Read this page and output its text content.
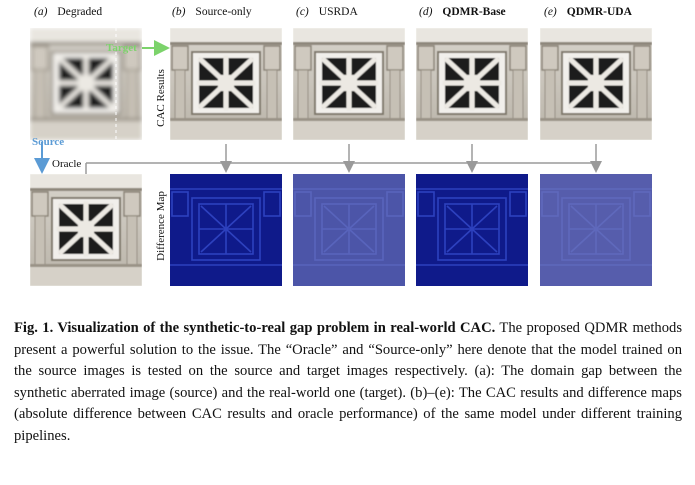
(a) Degraded	(b) Source-only	(c) USRDA	(d) QDMR-Base	(e) QDMR-UDA
CAC Results
Difference Map
Target
Source
Oracle
Fig. 1. Visualization of the synthetic-to-real gap problem in real-world CAC. The proposed QDMR methods present a powerful solution to the issue. The “Oracle” and “Source-only” here denote that the model trained on the source images is tested on the source and target images respectively. (a): The domain gap between the synthetic aberrated image (source) and the real-world one (target). (b)–(e): The CAC results and difference maps (absolute difference between CAC results and oracle performance) of the same model under different training pipelines.
